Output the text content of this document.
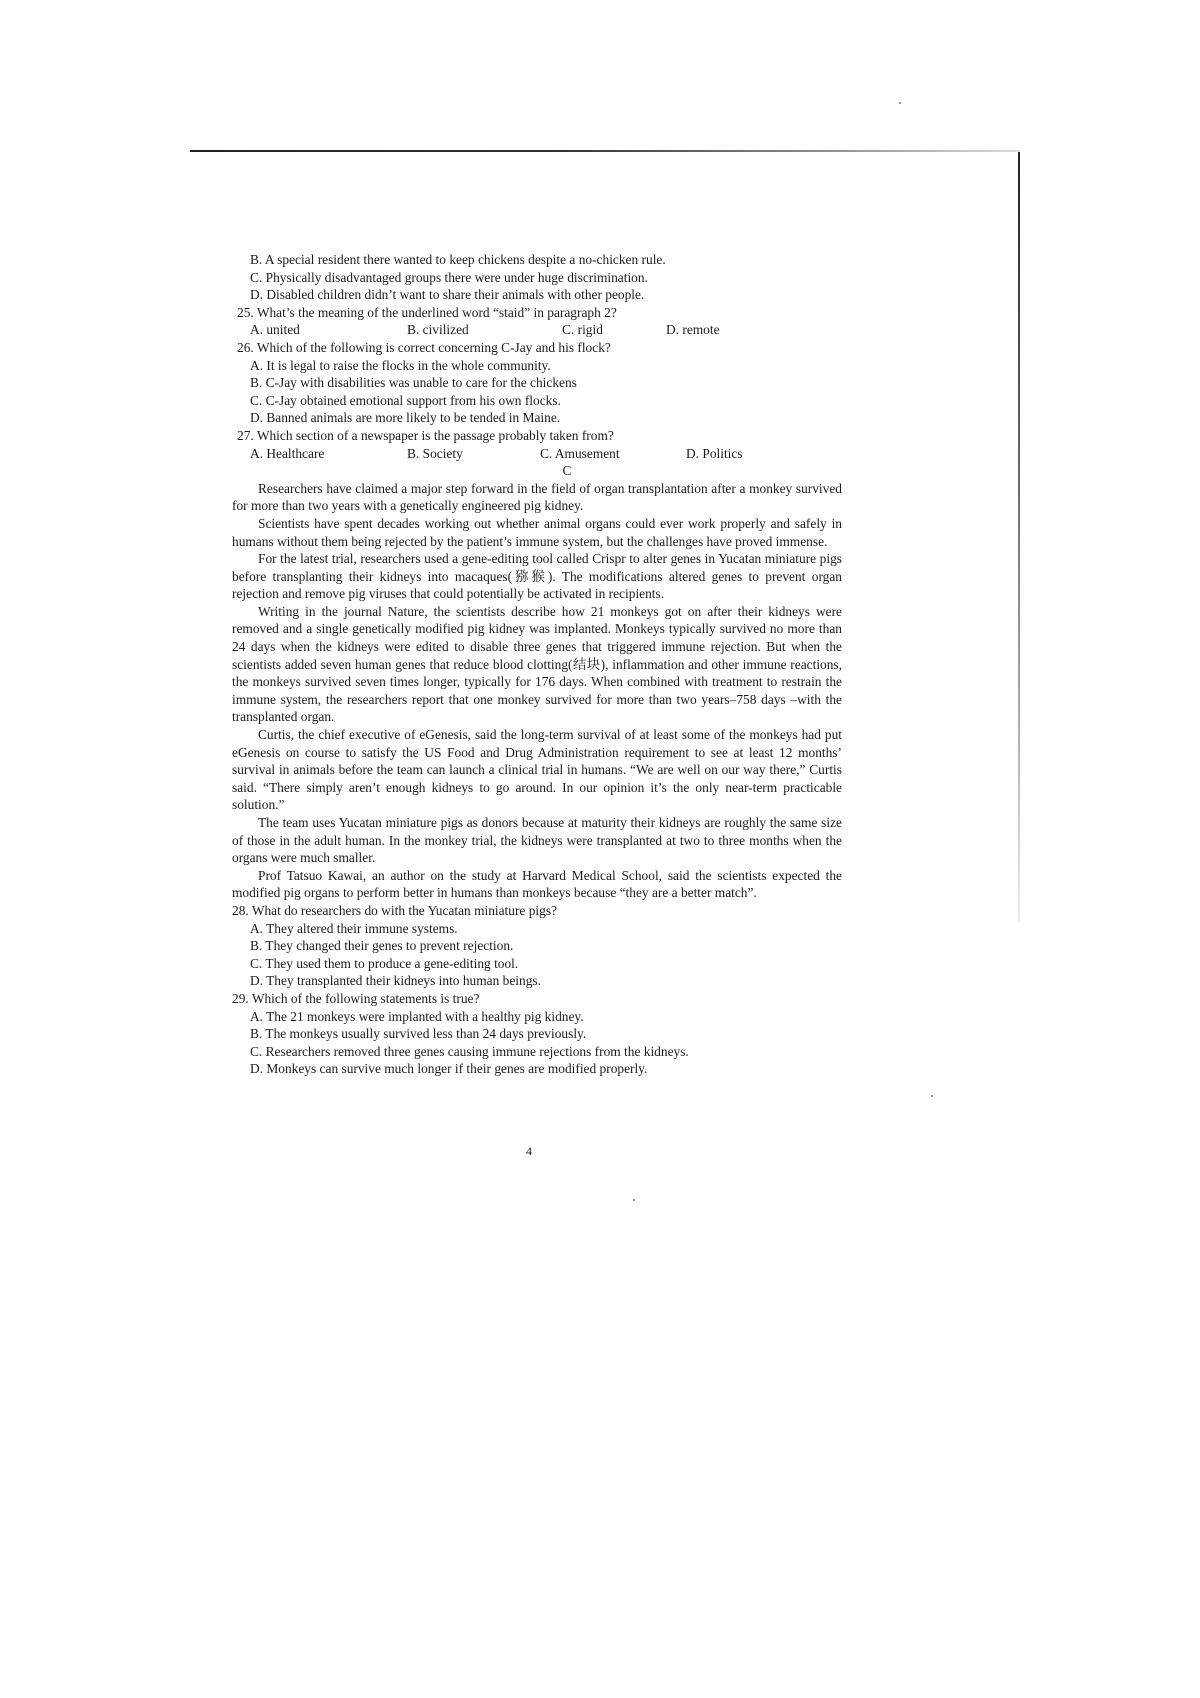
B. A special resident there wanted to keep chickens despite a no-chicken rule.
C. Physically disadvantaged groups there were under huge discrimination.
D. Disabled children didn’t want to share their animals with other people.
25. What’s the meaning of the underlined word “staid” in paragraph 2?
A. united	B. civilized	C. rigid	D. remote
26. Which of the following is correct concerning C-Jay and his flock?
A. It is legal to raise the flocks in the whole community.
B. C-Jay with disabilities was unable to care for the chickens
C. C-Jay obtained emotional support from his own flocks.
D. Banned animals are more likely to be tended in Maine.
27. Which section of a newspaper is the passage probably taken from?
A. Healthcare	B. Society	C. Amusement	D. Politics
C

Researchers have claimed a major step forward in the field of organ transplantation after a monkey survived for more than two years with a genetically engineered pig kidney.

Scientists have spent decades working out whether animal organs could ever work properly and safely in humans without them being rejected by the patient’s immune system, but the challenges have proved immense.

For the latest trial, researchers used a gene-editing tool called Crispr to alter genes in Yucatan miniature pigs before transplanting their kidneys into macaques(猕猴). The modifications altered genes to prevent organ rejection and remove pig viruses that could potentially be activated in recipients.

Writing in the journal Nature, the scientists describe how 21 monkeys got on after their kidneys were removed and a single genetically modified pig kidney was implanted. Monkeys typically survived no more than 24 days when the kidneys were edited to disable three genes that triggered immune rejection. But when the scientists added seven human genes that reduce blood clotting(结块), inflammation and other immune reactions, the monkeys survived seven times longer, typically for 176 days. When combined with treatment to restrain the immune system, the researchers report that one monkey survived for more than two years–758 days –with the transplanted organ.

Curtis, the chief executive of eGenesis, said the long-term survival of at least some of the monkeys had put eGenesis on course to satisfy the US Food and Drug Administration requirement to see at least 12 months’ survival in animals before the team can launch a clinical trial in humans. “We are well on our way there,” Curtis said. “There simply aren’t enough kidneys to go around. In our opinion it’s the only near-term practicable solution.”

The team uses Yucatan miniature pigs as donors because at maturity their kidneys are roughly the same size of those in the adult human. In the monkey trial, the kidneys were transplanted at two to three months when the organs were much smaller.

Prof Tatsuo Kawai, an author on the study at Harvard Medical School, said the scientists expected the modified pig organs to perform better in humans than monkeys because “they are a better match”.

28. What do researchers do with the Yucatan miniature pigs?
A. They altered their immune systems.
B. They changed their genes to prevent rejection.
C. They used them to produce a gene-editing tool.
D. They transplanted their kidneys into human beings.
29. Which of the following statements is true?
A. The 21 monkeys were implanted with a healthy pig kidney.
B. The monkeys usually survived less than 24 days previously.
C. Researchers removed three genes causing immune rejections from the kidneys.
D. Monkeys can survive much longer if their genes are modified properly.
4
